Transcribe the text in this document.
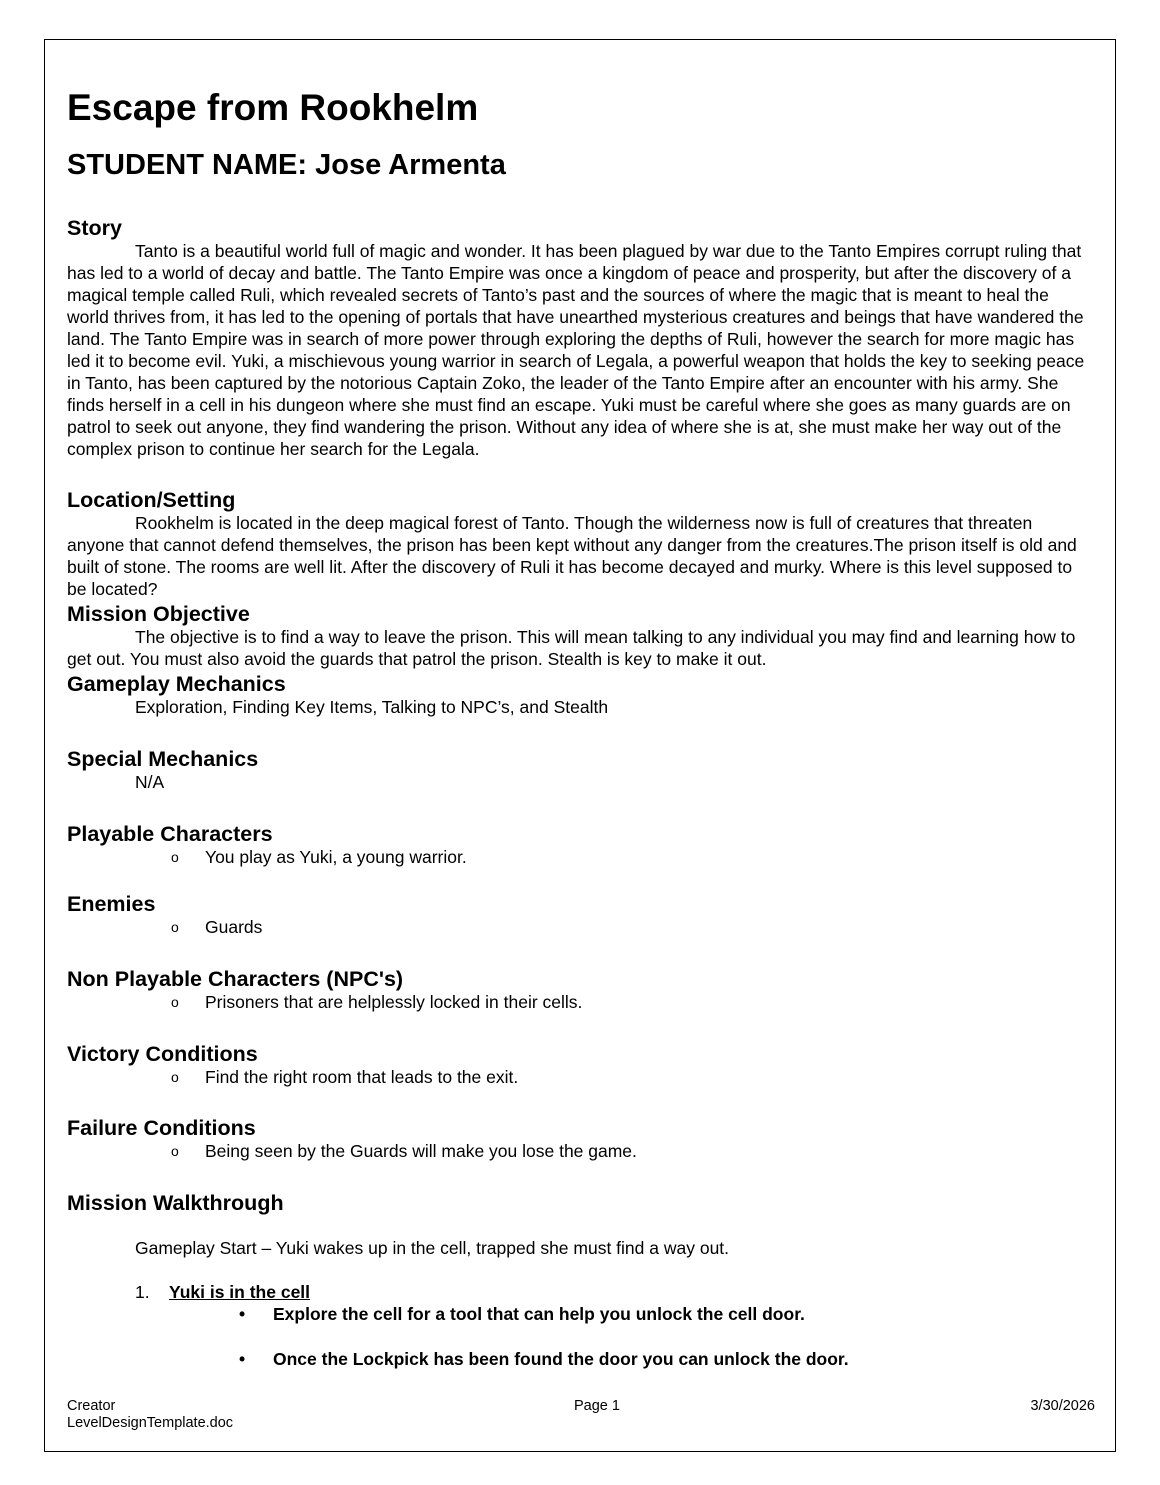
Escape from Rookhelm
STUDENT NAME: Jose Armenta
Story

Tanto is a beautiful world full of magic and wonder. It has been plagued by war due to the Tanto Empires corrupt ruling that has led to a world of decay and battle. The Tanto Empire was once a kingdom of peace and prosperity, but after the discovery of a magical temple called Ruli, which revealed secrets of Tanto’s past and the sources of where the magic that is meant to heal the world thrives from, it has led to the opening of portals that have unearthed mysterious creatures and beings that have wandered the land. The Tanto Empire was in search of more power through exploring the depths of Ruli, however the search for more magic has led it to become evil. Yuki, a mischievous young warrior in search of Legala, a powerful weapon that holds the key to seeking peace in Tanto, has been captured by the notorious Captain Zoko, the leader of the Tanto Empire after an encounter with his army. She finds herself in a cell in his dungeon where she must find an escape. Yuki must be careful where she goes as many guards are on patrol to seek out anyone, they find wandering the prison. Without any idea of where she is at, she must make her way out of the complex prison to continue her search for the Legala.

Location/Setting

Rookhelm is located in the deep magical forest of Tanto. Though the wilderness now is full of creatures that threaten anyone that cannot defend themselves, the prison has been kept without any danger from the creatures.The prison itself is old and built of stone. The rooms are well lit. After the discovery of Ruli it has become decayed and murky. Where is this level supposed to be located?

Mission Objective

The objective is to find a way to leave the prison. This will mean talking to any individual you may find and learning how to get out. You must also avoid the guards that patrol the prison. Stealth is key to make it out.

Gameplay Mechanics

Exploration, Finding Key Items, Talking to NPC’s, and Stealth

Special Mechanics

N/A

Playable Characters

o You play as Yuki, a young warrior.

Enemies

o Guards

Non Playable Characters (NPC's)

o Prisoners that are helplessly locked in their cells.

Victory Conditions

o Find the right room that leads to the exit.

Failure Conditions

o Being seen by the Guards will make you lose the game.

Mission Walkthrough

Gameplay Start – Yuki wakes up in the cell, trapped she must find a way out.

1. Yuki is in the cell

• Explore the cell for a tool that can help you unlock the cell door.

• Once the Lockpick has been found the door you can unlock the door.

Creator
LevelDesignTemplate.doc
Page 1	3/30/2026
